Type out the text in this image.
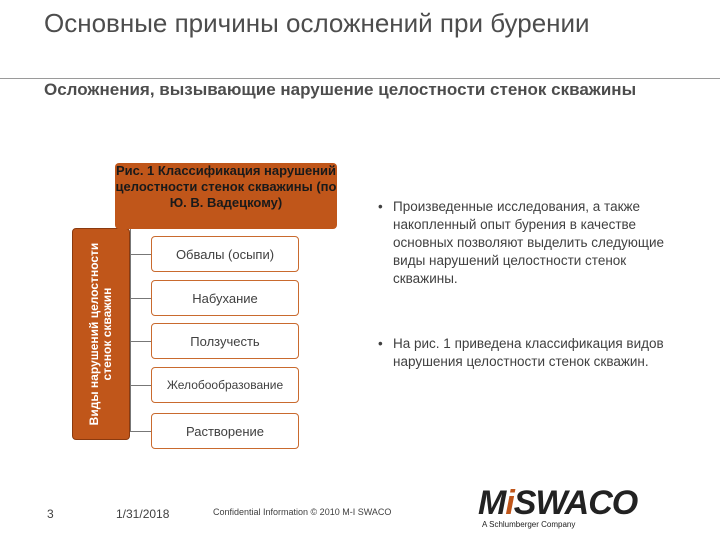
Основные причины осложнений при бурении
Осложнения, вызывающие нарушение целостности стенок скважины
Виды нарушений целостности стенок скважин
Рис. 1 Классификация нарушений целостности стенок скважины (по Ю. В. Вадецкому)
Обвалы (осыпи)
Набухание
Ползучесть
Желобообразование
Растворение
• Произведенные исследования, а также накопленный опыт бурения в качестве основных позволяют выделить следующие виды нарушений целостности стенок скважины.
• На рис. 1 приведена классификация видов нарушения целостности стенок скважин.
3	1/31/2018	Confidential Information © 2010 M-I SWACO	MiSWACO
A Schlumberger Company
